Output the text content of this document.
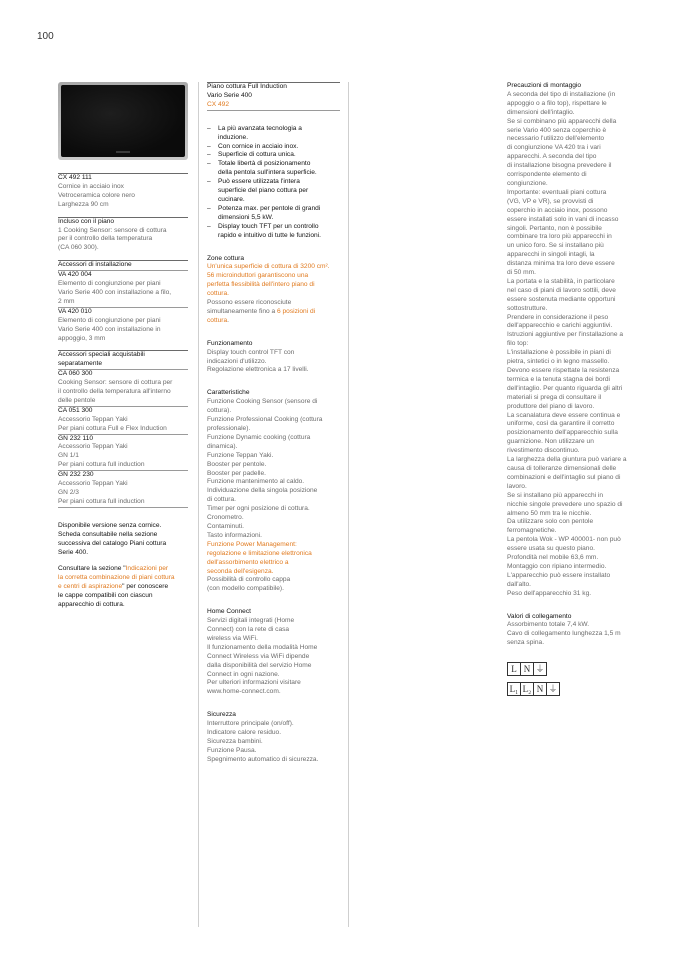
100
CX 492 111
Cornice in acciaio inox
Vetroceramica colore nero
Larghezza 90 cm
Incluso con il piano
1 Cooking Sensor: sensore di cottura
per il controllo della temperatura
(CA 060 300).
Accessori di installazione
VA 420 004
Elemento di congiunzione per piani
Vario Serie 400 con installazione a filo,
2 mm
VA 420 010
Elemento di congiunzione per piani
Vario Serie 400 con installazione in
appoggio, 3 mm
Accessori speciali acquistabili
separatamente
CA 060 300
Cooking Sensor: sensore di cottura per
il controllo della temperatura all'interno
delle pentole
CA 051 300
Accessorio Teppan Yaki
Per piani cottura Full e Flex Induction
GN 232 110
Accessorio Teppan Yaki
GN 1/1
Per piani cottura full induction
GN 232 230
Accessorio Teppan Yaki
GN 2/3
Per piani cottura full induction
Disponibile versione senza cornice.
Scheda consultabile nella sezione
successiva del catalogo Piani cottura
Serie 400.
Consultare la sezione "Indicazioni per
la corretta combinazione di piani cottura
e centri di aspirazione" per conoscere
le cappe compatibili con ciascun
apparecchio di cottura.
Piano cottura Full Induction
Vario Serie 400
CX 492
–	La più avanzata tecnologia a
induzione.
–	Con cornice in acciaio inox.
–	Superficie di cottura unica.
–	Totale libertà di posizionamento
della pentola sull'intera superficie.
–	Può essere utilizzata l'intera
superficie del piano cottura per
cucinare.
–	Potenza max. per pentole di grandi
dimensioni 5,5 kW.
–	Display touch TFT per un controllo
rapido e intuitivo di tutte le funzioni.
Zone cottura
Un'unica superficie di cottura di 3200 cm².
56 microinduttori garantiscono una
perfetta flessibilità dell'intero piano di
cottura.
Possono essere riconosciute
simultaneamente fino a 6 posizioni di
cottura.
Funzionamento
Display touch control TFT con
indicazioni d'utilizzo.
Regolazione elettronica a 17 livelli.
Caratteristiche
Funzione Cooking Sensor (sensore di
cottura).
Funzione Professional Cooking (cottura
professionale).
Funzione Dynamic cooking (cottura
dinamica).
Funzione Teppan Yaki.
Booster per pentole.
Booster per padelle.
Funzione mantenimento al caldo.
Individuazione della singola posizione
di cottura.
Timer per ogni posizione di cottura.
Cronometro.
Contaminuti.
Tasto informazioni.
Funzione Power Management:
regolazione e limitazione elettronica
dell'assorbimento elettrico a
seconda dell'esigenza.
Possibilità di controllo cappa
(con modello compatibile).
Home Connect
Servizi digitali integrati (Home
Connect) con la rete di casa
wireless via WiFi.
Il funzionamento della modalità Home
Connect Wireless via WiFi dipende
dalla disponibilità del servizio Home
Connect in ogni nazione.
Per ulteriori informazioni visitare
www.home-connect.com.
Sicurezza
Interruttore principale (on/off).
Indicatore calore residuo.
Sicurezza bambini.
Funzione Pausa.
Spegnimento automatico di sicurezza.
Precauzioni di montaggio
A seconda del tipo di installazione (in
appoggio o a filo top), rispettare le
dimensioni dell'intaglio.
Se si combinano più apparecchi della
serie Vario 400 senza coperchio è
necessario l'utilizzo dell'elemento
di congiunzione VA 420 tra i vari
apparecchi. A seconda del tipo
di installazione bisogna prevedere il
corrispondente elemento di
congiunzione.
Importante: eventuali piani cottura
(VG, VP e VR), se provvisti di
coperchio in acciaio inox, possono
essere installati solo in vani di incasso
singoli. Pertanto, non è possibile
combinare tra loro più apparecchi in
un unico foro. Se si installano più
apparecchi in singoli intagli, la
distanza minima tra loro deve essere
di 50 mm.
La portata e la stabilità, in particolare
nel caso di piani di lavoro sottili, deve
essere sostenuta mediante opportuni
sottostrutture.
Prendere in considerazione il peso
dell'apparecchio e carichi aggiuntivi.
Istruzioni aggiuntive per l'installazione a
filo top:
L'installazione è possibile in piani di
pietra, sintetici o in legno massello.
Devono essere rispettate la resistenza
termica e la tenuta stagna dei bordi
dell'intaglio. Per quanto riguarda gli altri
materiali si prega di consultare il
produttore del piano di lavoro.
La scanalatura deve essere continua e
uniforme, così da garantire il corretto
posizionamento dell'apparecchio sulla
guarnizione. Non utilizzare un
rivestimento discontinuo.
La larghezza della giuntura può variare a
causa di tolleranze dimensionali delle
combinazioni e dell'intaglio sul piano di
lavoro.
Se si installano più apparecchi in
nicchie singole prevedere uno spazio di
almeno 50 mm tra le nicchie.
Da utilizzare solo con pentole
ferromagnetiche.
La pentola Wok - WP 400001- non può
essere usata su questo piano.
Profondità nel mobile 63,6 mm.
Montaggio con ripiano intermedio.
L'apparecchio può essere installato
dall'alto.
Peso dell'apparecchio 31 kg.
Valori di collegamento
Assorbimento totale 7,4 kW.
Cavo di collegamento lunghezza 1,5 m
senza spina.
L N ⏚
L₁ L₂ N ⏚
